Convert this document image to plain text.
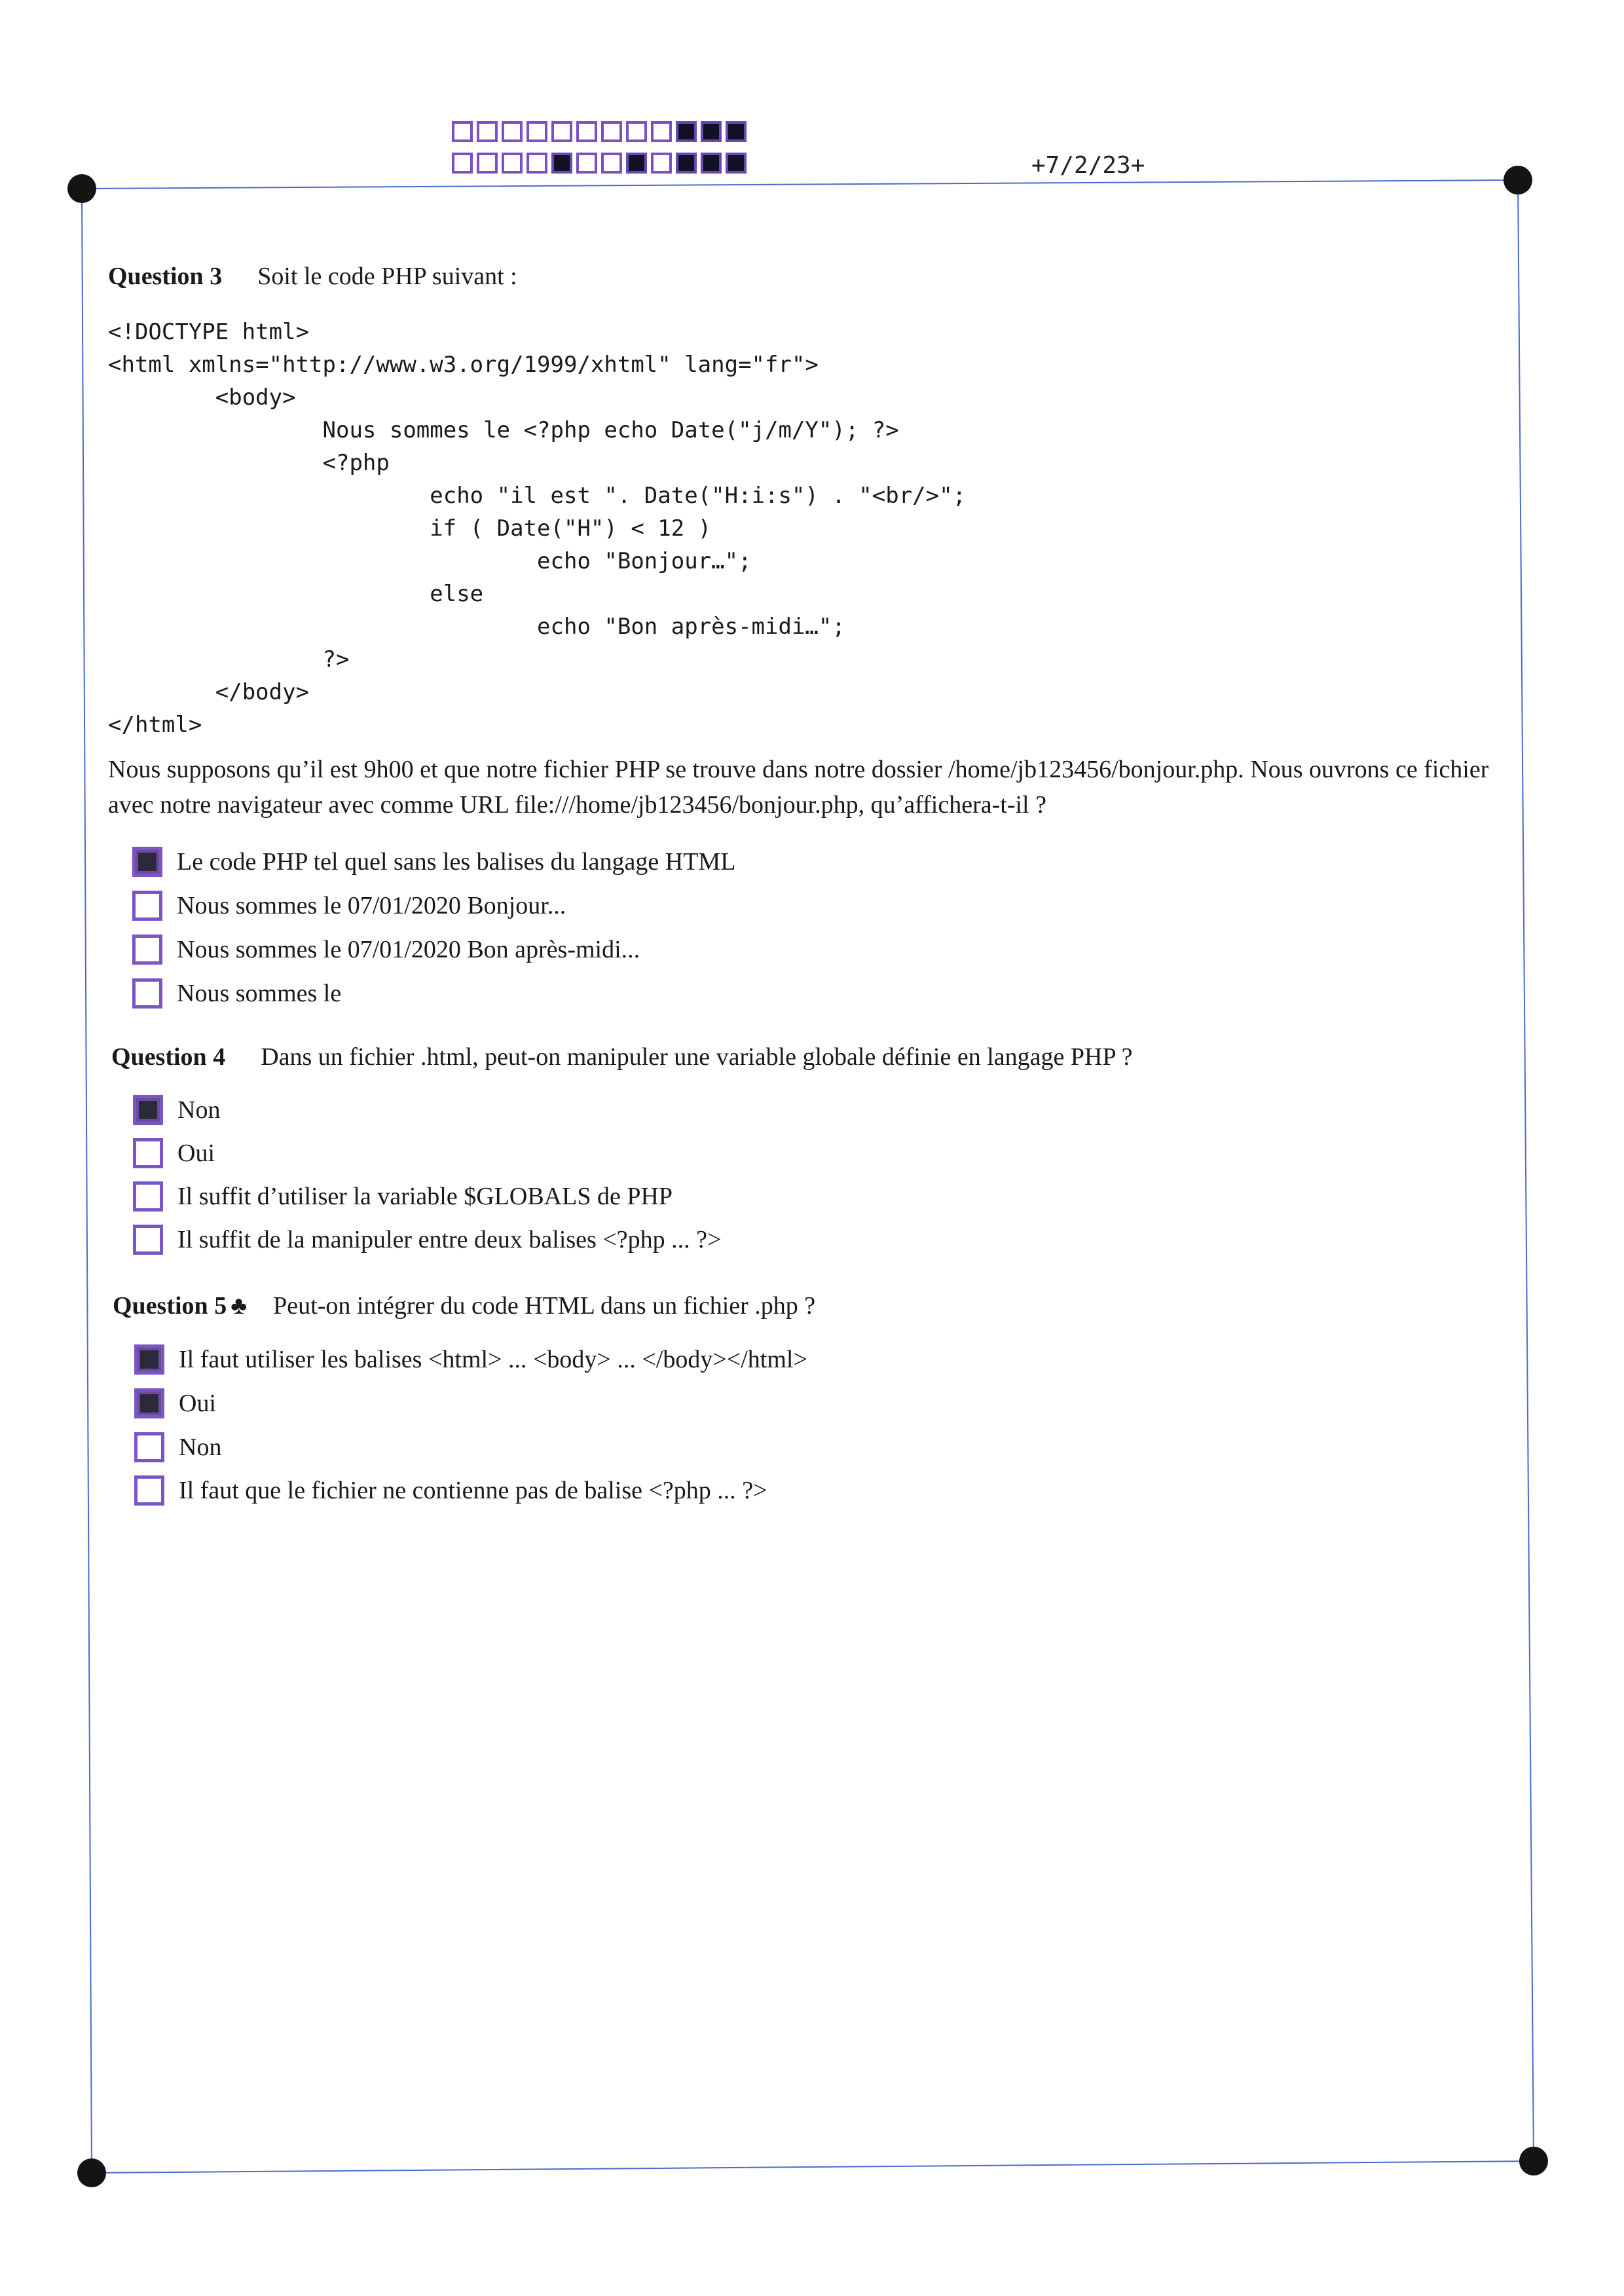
+7/2/23+
Question 3 Soit le code PHP suivant :
<!DOCTYPE html>
<html xmlns="http://www.w3.org/1999/xhtml" lang="fr">
<body>
Nous sommes le <?php echo Date("j/m/Y"); ?>
<?php
echo "il est ". Date("H:i:s") . "<br/>";
if ( Date("H") < 12 )
echo "Bonjour…";
else
echo "Bon après-midi…";
?>
</body>
</html>
Nous supposons qu’il est 9h00 et que notre fichier PHP se trouve dans notre dossier /home/jb123456/bonjour.php. Nous ouvrons ce fichier avec notre navigateur avec comme URL file:///home/jb123456/bonjour.php, qu’affichera-t-il ?
Le code PHP tel quel sans les balises du langage HTML
Nous sommes le 07/01/2020 Bonjour...
Nous sommes le 07/01/2020 Bon après-midi...
Nous sommes le
Question 4 Dans un fichier .html, peut-on manipuler une variable globale définie en langage PHP ?
Non
Oui
Il suffit d’utiliser la variable $GLOBALS de PHP
Il suffit de la manipuler entre deux balises <?php ... ?>
Question 5 ♣ Peut-on intégrer du code HTML dans un fichier .php ?
Il faut utiliser les balises <html> ... <body> ... </body></html>
Oui
Non
Il faut que le fichier ne contienne pas de balise <?php ... ?>
